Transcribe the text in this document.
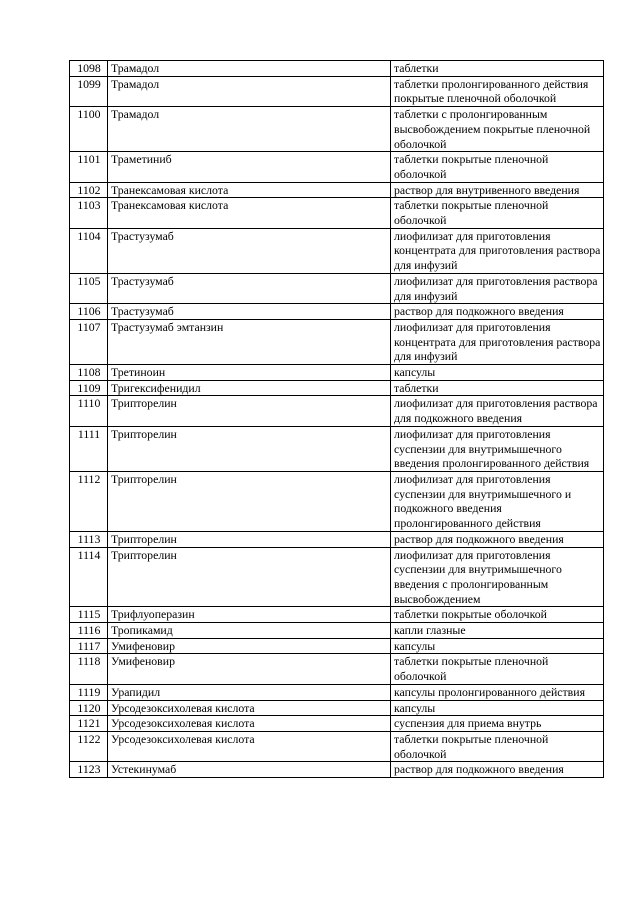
1098	Трамадол	таблетки
1099	Трамадол	таблетки пролонгированного действия покрытые пленочной оболочкой
1100	Трамадол	таблетки с пролонгированным высвобождением покрытые пленочной оболочкой
1101	Траметиниб	таблетки покрытые пленочной оболочкой
1102	Транексамовая кислота	раствор для внутривенного введения
1103	Транексамовая кислота	таблетки покрытые пленочной оболочкой
1104	Трастузумаб	лиофилизат для приготовления концентрата для приготовления раствора для инфузий
1105	Трастузумаб	лиофилизат для приготовления раствора для инфузий
1106	Трастузумаб	раствор для подкожного введения
1107	Трастузумаб эмтанзин	лиофилизат для приготовления концентрата для приготовления раствора для инфузий
1108	Третиноин	капсулы
1109	Тригексифенидил	таблетки
1110	Трипторелин	лиофилизат для приготовления раствора для подкожного введения
1111	Трипторелин	лиофилизат для приготовления суспензии для внутримышечного введения пролонгированного действия
1112	Трипторелин	лиофилизат для приготовления суспензии для внутримышечного и подкожного введения пролонгированного действия
1113	Трипторелин	раствор для подкожного введения
1114	Трипторелин	лиофилизат для приготовления суспензии для внутримышечного введения с пролонгированным высвобождением
1115	Трифлуоперазин	таблетки покрытые оболочкой
1116	Тропикамид	капли глазные
1117	Умифеновир	капсулы
1118	Умифеновир	таблетки покрытые пленочной оболочкой
1119	Урапидил	капсулы пролонгированного действия
1120	Урсодезоксихолевая кислота	капсулы
1121	Урсодезоксихолевая кислота	суспензия для приема внутрь
1122	Урсодезоксихолевая кислота	таблетки покрытые пленочной оболочкой
1123	Устекинумаб	раствор для подкожного введения
